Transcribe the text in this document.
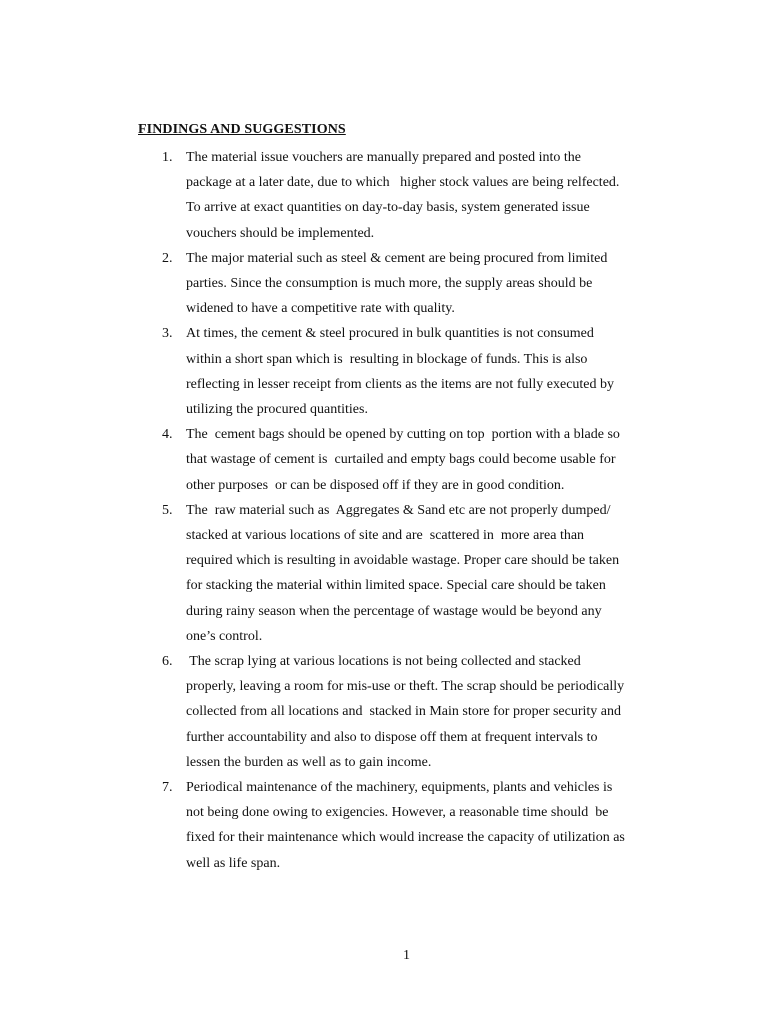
FINDINGS AND SUGGESTIONS
1. The material issue vouchers are manually prepared and posted into the
package at a later date, due to which   higher stock values are being relfected.
To arrive at exact quantities on day-to-day basis, system generated issue
vouchers should be implemented.
2. The major material such as steel & cement are being procured from limited
parties. Since the consumption is much more, the supply areas should be
widened to have a competitive rate with quality.
3. At times, the cement & steel procured in bulk quantities is not consumed
within a short span which is  resulting in blockage of funds. This is also
reflecting in lesser receipt from clients as the items are not fully executed by
utilizing the procured quantities.
4. The  cement bags should be opened by cutting on top  portion with a blade so
that wastage of cement is  curtailed and empty bags could become usable for
other purposes  or can be disposed off if they are in good condition.
5. The  raw material such as  Aggregates & Sand etc are not properly dumped/
stacked at various locations of site and are  scattered in  more area than
required which is resulting in avoidable wastage. Proper care should be taken
for stacking the material within limited space. Special care should be taken
during rainy season when the percentage of wastage would be beyond any
one’s control.
6. The scrap lying at various locations is not being collected and stacked
properly, leaving a room for mis-use or theft. The scrap should be periodically
collected from all locations and  stacked in Main store for proper security and
further accountability and also to dispose off them at frequent intervals to
lessen the burden as well as to gain income.
7. Periodical maintenance of the machinery, equipments, plants and vehicles is
not being done owing to exigencies. However, a reasonable time should  be
fixed for their maintenance which would increase the capacity of utilization as
well as life span.
1
